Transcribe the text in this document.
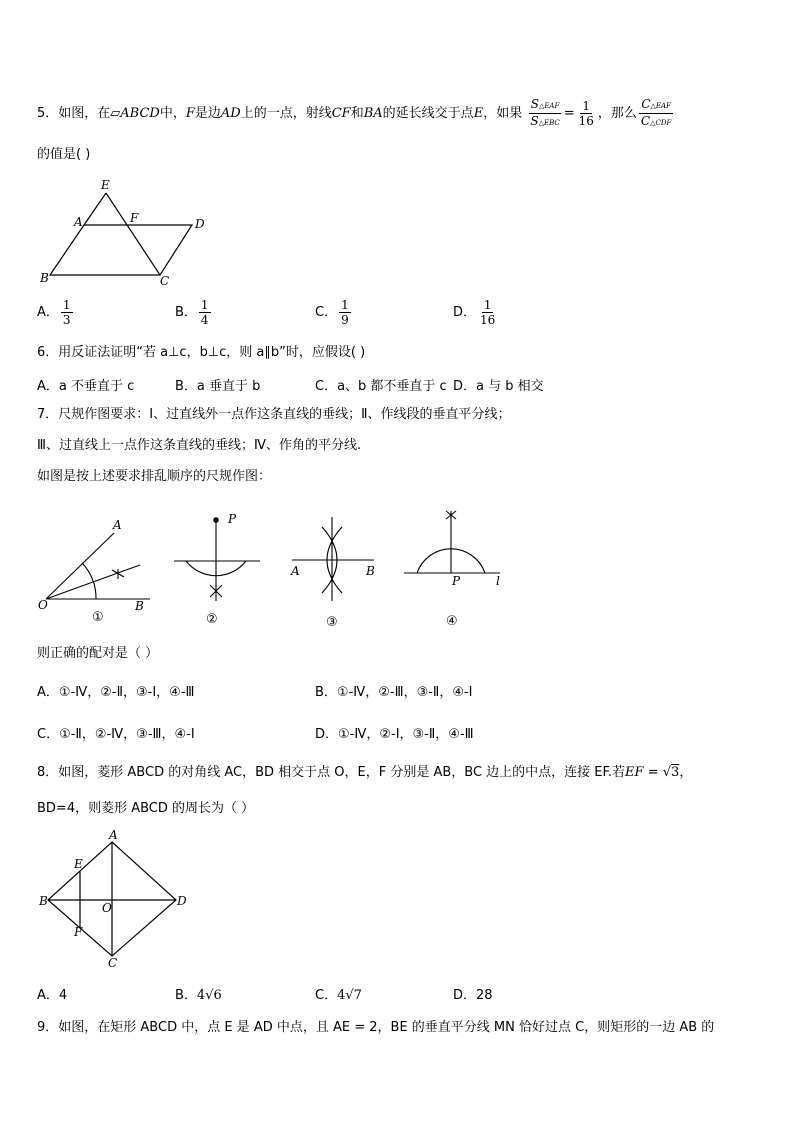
5．如图，在▱ABCD中，F是边AD上的一点，射线CF和BA的延长线交于点E，如果 $\frac{\text{S△EAF}}{\text{S△EBC}} = \frac{1}{16}$ ，那么 $\frac{\text{C△EAF}}{\text{C△CDF}}$
的值是( )
E
A	F	D
B	C
A． $\frac{1}{3}$	B． $\frac{1}{4}$	C． $\frac{1}{9}$	D． $\frac{1}{16}$
6．用反证法证明“若 a⊥c，b⊥c，则 a∥b”时，应假设( )
A．a 不垂直于 c	B．a 垂直于 b	C．a、b 都不垂直于 c D．a 与 b 相交
7．尺规作图要求：Ⅰ、过直线外一点作这条直线的垂线；Ⅱ、作线段的垂直平分线；
Ⅲ、过直线上一点作这条直线的垂线；Ⅳ、作角的平分线.
如图是按上述要求排乱顺序的尺规作图：
A
O	B
①
P
②
A	B
③
P	l
④
则正确的配对是（ ）
A．①-Ⅳ，②-Ⅱ，③-Ⅰ，④-Ⅲ	B．①-Ⅳ，②-Ⅲ，③-Ⅱ，④-Ⅰ
C．①-Ⅱ，②-Ⅳ，③-Ⅲ，④-Ⅰ	D．①-Ⅳ，②-Ⅰ，③-Ⅱ，④-Ⅲ
8．如图，菱形 ABCD 的对角线 AC，BD 相交于点 O，E，F 分别是 AB，BC 边上的中点，连接 EF.若EF = √3，
BD=4，则菱形 ABCD 的周长为（ ）
A
E
B	O	D
F
C
A．4	B．4√6	C．4√7	D．28
9．如图，在矩形 ABCD 中，点 E 是 AD 中点，且 AE = 2，BE 的垂直平分线 MN 恰好过点 C，则矩形的一边 AB 的
